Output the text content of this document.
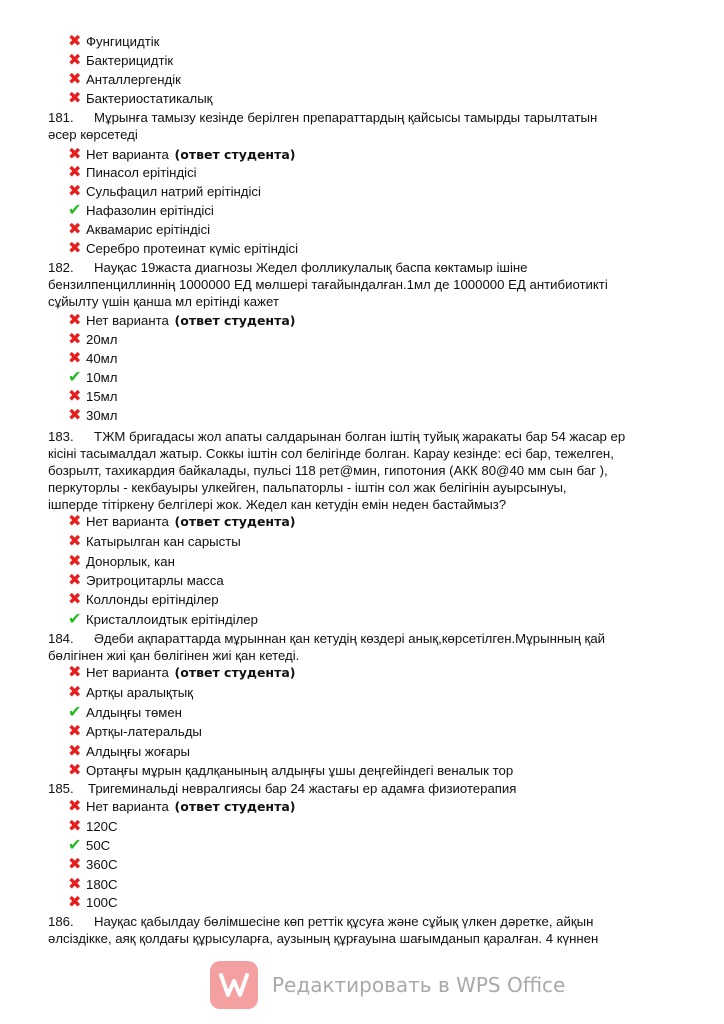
✖ Фунгицидтік
✖ Бактерицидтік
✖ Анталлергендік
✖ Бактериостатикалық
181. Мұрынға тамызу кезінде берілген препараттардың қайсысы тамырды тарылтатын
әсер көрсетеді
✖ Нет варианта (ответ студента)
✖ Пинасол ерітіндісі
✖ Сульфацил натрий ерітіндісі
✔ Нафазолин ерітіндісі
✖ Аквамарис ерітіндісі
✖ Серебро протеинат күміс ерітіндісі
182. Науқас 19жаста диагнозы Жедел фолликулалық баспа көктамыр ішіне
бензилпенциллиннің 1000000 ЕД мөлшері тағайындалған.1мл де 1000000 ЕД антибиотикті
сұйылту үшін қанша мл ерітінді кажет
✖ Нет варианта (ответ студента)
✖ 20мл
✖ 40мл
✔ 10мл
✖ 15мл
✖ 30мл
183. ТЖМ бригадасы жол апаты салдарынан болган іштің туйық жаракаты бар 54 жасар ер
кісіні тасымалдал жатыр. Соккы іштін сол белігінде болган. Карау кезінде: есі бар, тежелген,
бозрылт, тахикардия байкалады, пульсі 118 рет@мин, гипотония (АКК 80@40 мм сын баг ),
перкуторлы - кекбауыры улкейген, пальпаторлы - іштін сол жак белігінін ауырсынуы,
ішперде тітіркену белгілері жок. Жедел кан кетудін емін неден бастаймыз?
✖ Нет варианта (ответ студента)
✖ Катырылган кан сарысты
✖ Донорлык, кан
✖ Эритроцитарлы масса
✖ Коллонды ерітінділер
✔ Кристаллоидтык ерітінділер
184. Әдеби ақпараттарда мұрыннан қан кетудің көздері анық,көрсетілген.Мұрынның қай
бөлігінен жиі қан бөлігінен жиі қан кетеді.
✖ Нет варианта (ответ студента)
✖ Артқы аралықтық
✔ Алдыңғы төмен
✖ Артқы-латеральды
✖ Алдыңғы жоғары
✖ Ортаңғы мұрын қадлқанының алдыңғы ұшы деңгейіндегі веналык тор
185. Тригеминальді невралгиясы бар 24 жастағы ер адамға физиотерапия
✖ Нет варианта (ответ студента)
✖ 120С
✔ 50С
✖ 360С
✖ 180С
✖ 100С
186. Науқас қабылдау бөлімшесіне көп реттік құсуға және сұйық үлкен дәретке, айқын
әлсіздікке, аяқ қолдағы құрысуларға, аузының құрғауына шағымданып қаралған. 4 күннен
Редактировать в WPS Office
